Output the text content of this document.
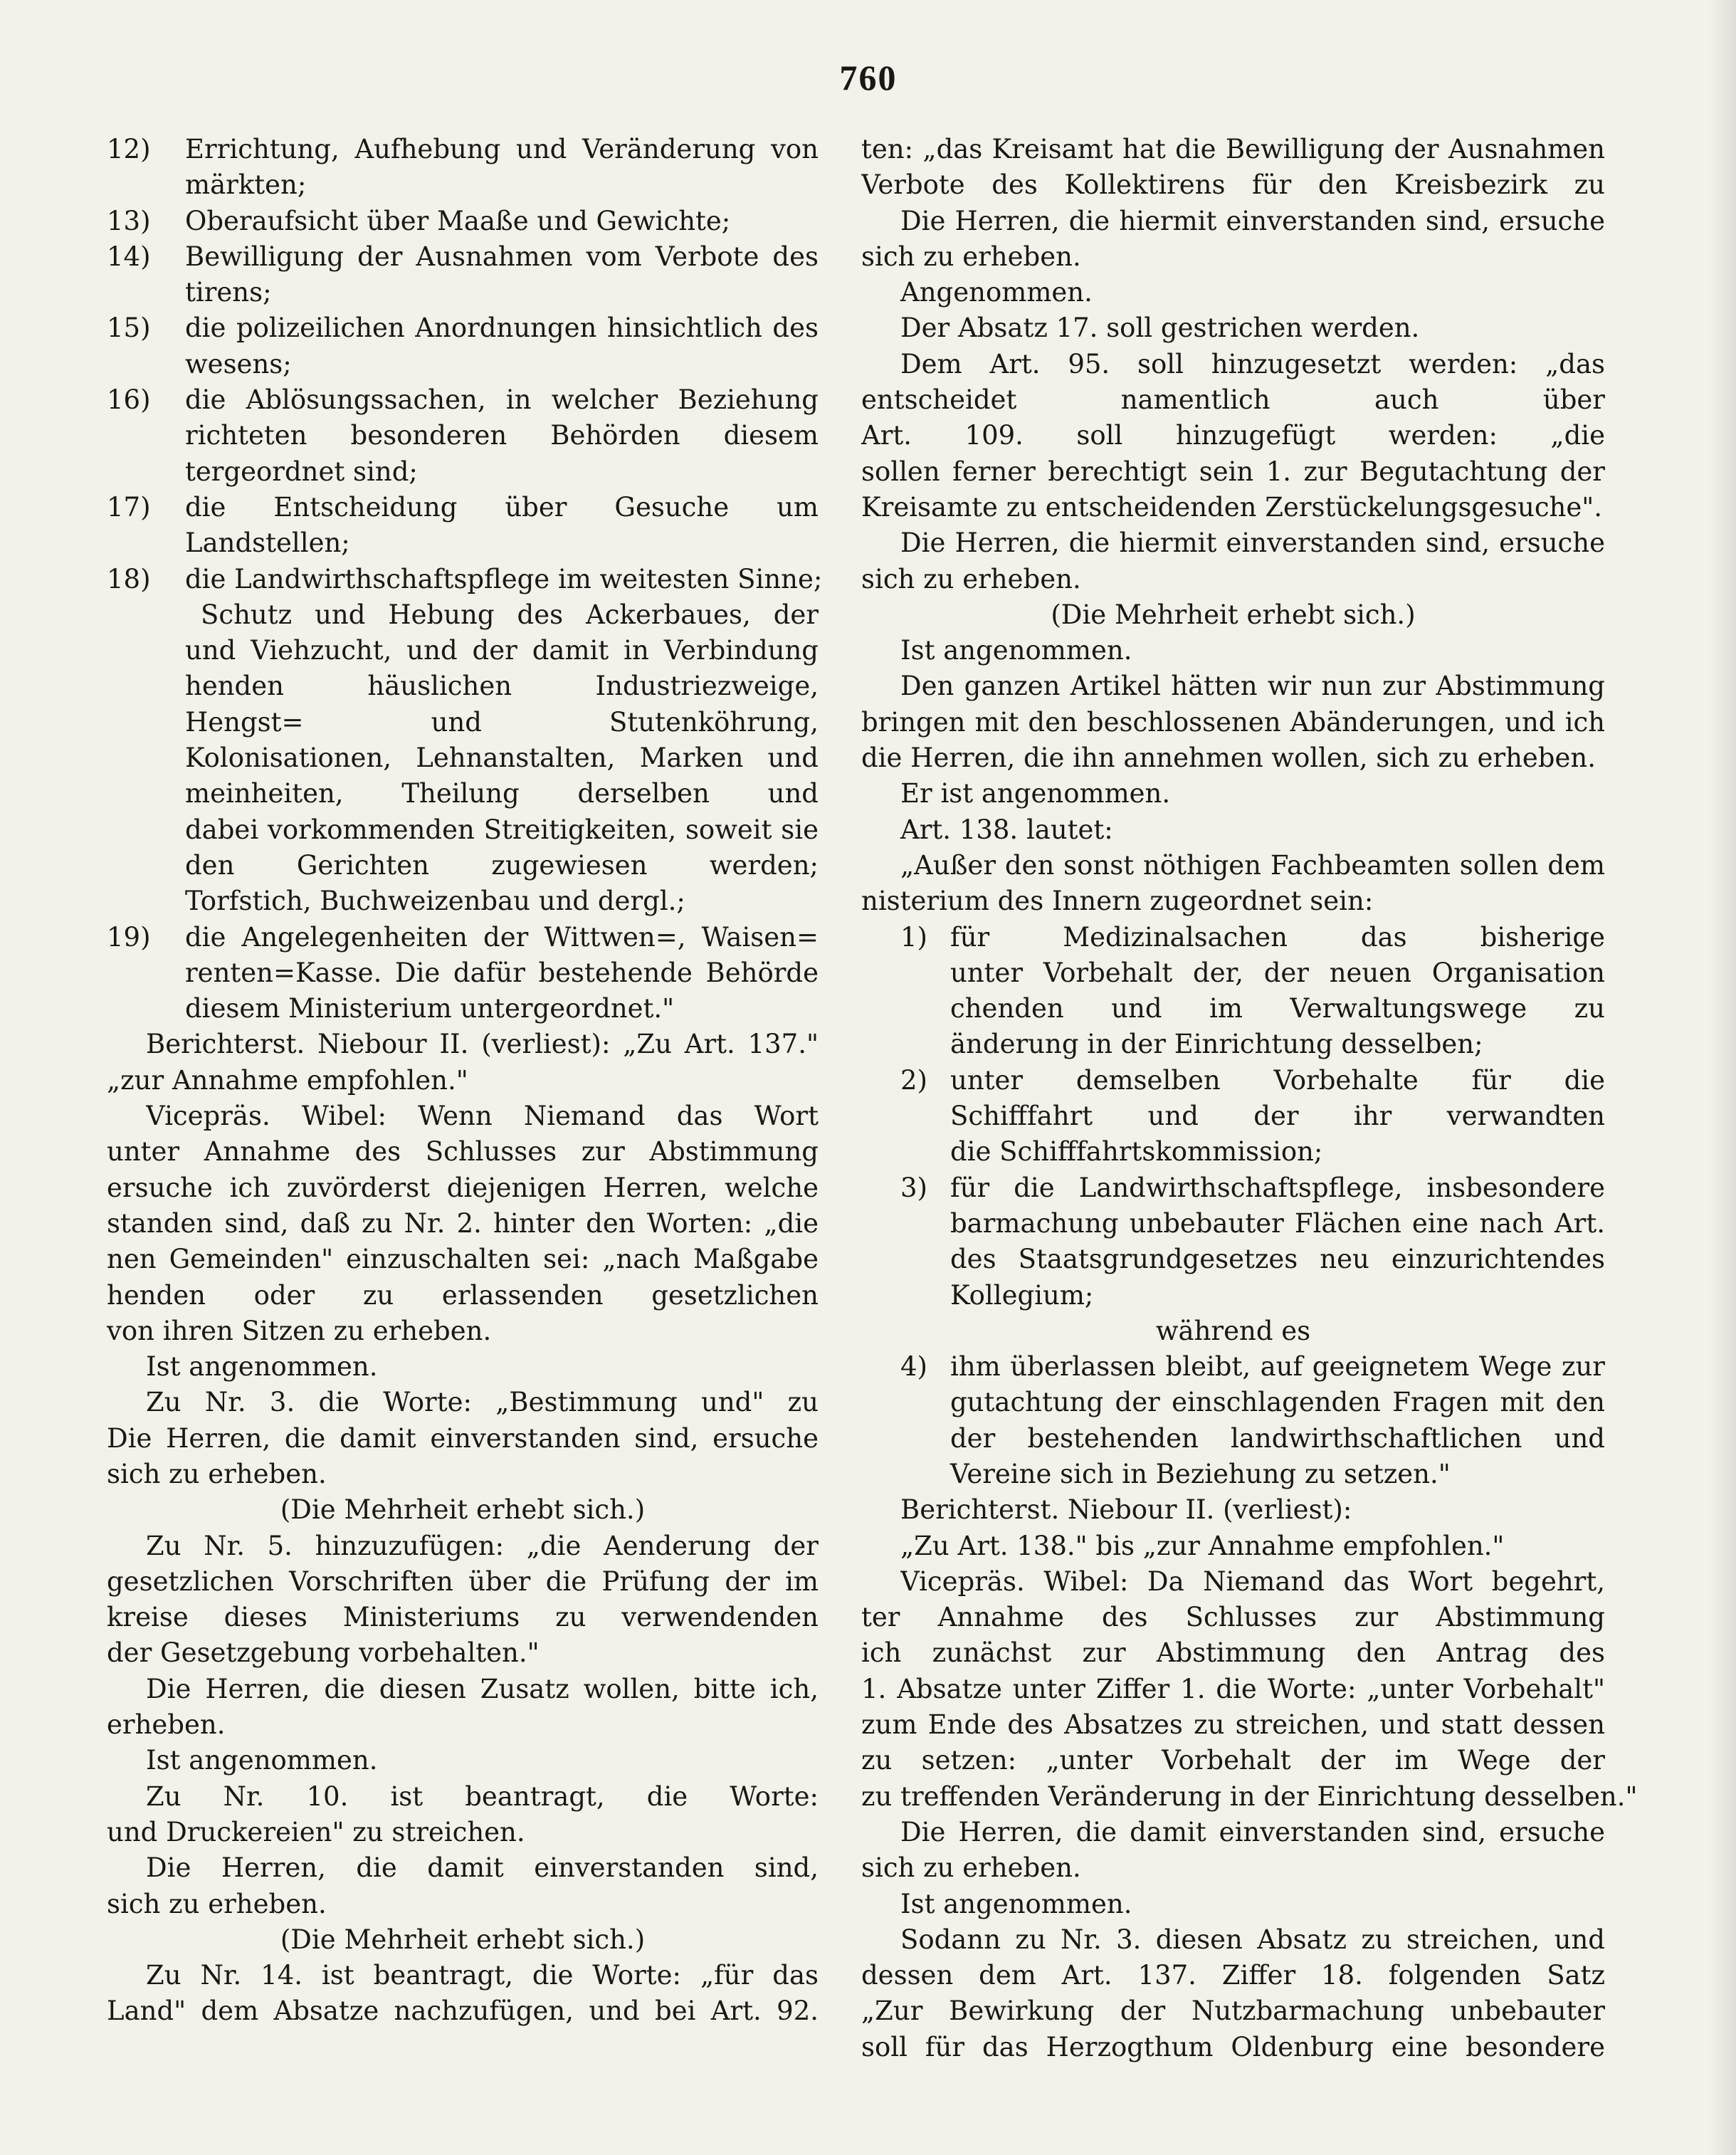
760
12) Errichtung, Aufhebung und Veränderung von
märkten;
13) Oberaufsicht über Maaße und Gewichte;
14) Bewilligung der Ausnahmen vom Verbote des
tirens;
15) die polizeilichen Anordnungen hinsichtlich des
wesens;
16) die Ablösungssachen, in welcher Beziehung
richteten besonderen Behörden diesem
tergeordnet sind;
17) die Entscheidung über Gesuche um
Landstellen;
18) die Landwirthschaftspflege im weitesten Sinne;
Schutz und Hebung des Ackerbaues, der
und Viehzucht, und der damit in Verbindung
henden häuslichen Industriezweige,
Hengst= und Stutenköhrung,
Kolonisationen, Lehnanstalten, Marken und
meinheiten, Theilung derselben und
dabei vorkommenden Streitigkeiten, soweit sie
den Gerichten zugewiesen werden;
Torfstich, Buchweizenbau und dergl.;
19) die Angelegenheiten der Wittwen=, Waisen=
renten=Kasse. Die dafür bestehende Behörde
diesem Ministerium untergeordnet."
Berichterst. Niebour II. (verliest): „Zu Art. 137."
„zur Annahme empfohlen."
Vicepräs. Wibel: Wenn Niemand das Wort
unter Annahme des Schlusses zur Abstimmung
ersuche ich zuvörderst diejenigen Herren, welche
standen sind, daß zu Nr. 2. hinter den Worten: „die
nen Gemeinden" einzuschalten sei: „nach Maßgabe
henden oder zu erlassenden gesetzlichen
von ihren Sitzen zu erheben.
Ist angenommen.
Zu Nr. 3. die Worte: „Bestimmung und" zu
Die Herren, die damit einverstanden sind, ersuche
sich zu erheben.
(Die Mehrheit erhebt sich.)
Zu Nr. 5. hinzuzufügen: „die Aenderung der
gesetzlichen Vorschriften über die Prüfung der im
kreise dieses Ministeriums zu verwendenden
der Gesetzgebung vorbehalten."
Die Herren, die diesen Zusatz wollen, bitte ich,
erheben.
Ist angenommen.
Zu Nr. 10. ist beantragt, die Worte:
und Druckereien" zu streichen.
Die Herren, die damit einverstanden sind,
sich zu erheben.
(Die Mehrheit erhebt sich.)
Zu Nr. 14. ist beantragt, die Worte: „für das
Land" dem Absatze nachzufügen, und bei Art. 92.
ten: „das Kreisamt hat die Bewilligung der Ausnahmen
Verbote des Kollektirens für den Kreisbezirk zu
Die Herren, die hiermit einverstanden sind, ersuche
sich zu erheben.
Angenommen.
Der Absatz 17. soll gestrichen werden.
Dem Art. 95. soll hinzugesetzt werden: „das
entscheidet namentlich auch über
Art. 109. soll hinzugefügt werden: „die
sollen ferner berechtigt sein 1. zur Begutachtung der
Kreisamte zu entscheidenden Zerstückelungsgesuche".
Die Herren, die hiermit einverstanden sind, ersuche
sich zu erheben.
(Die Mehrheit erhebt sich.)
Ist angenommen.
Den ganzen Artikel hätten wir nun zur Abstimmung
bringen mit den beschlossenen Abänderungen, und ich
die Herren, die ihn annehmen wollen, sich zu erheben.
Er ist angenommen.
Art. 138. lautet:
„Außer den sonst nöthigen Fachbeamten sollen dem
nisterium des Innern zugeordnet sein:
1) für Medizinalsachen das bisherige
unter Vorbehalt der, der neuen Organisation
chenden und im Verwaltungswege zu
änderung in der Einrichtung desselben;
2) unter demselben Vorbehalte für die
Schifffahrt und der ihr verwandten
die Schifffahrtskommission;
3) für die Landwirthschaftspflege, insbesondere
barmachung unbebauter Flächen eine nach Art.
des Staatsgrundgesetzes neu einzurichtendes
Kollegium;
während es
4) ihm überlassen bleibt, auf geeignetem Wege zur
gutachtung der einschlagenden Fragen mit den
der bestehenden landwirthschaftlichen und
Vereine sich in Beziehung zu setzen."
Berichterst. Niebour II. (verliest):
„Zu Art. 138." bis „zur Annahme empfohlen."
Vicepräs. Wibel: Da Niemand das Wort begehrt,
ter Annahme des Schlusses zur Abstimmung
ich zunächst zur Abstimmung den Antrag des
1. Absatze unter Ziffer 1. die Worte: „unter Vorbehalt"
zum Ende des Absatzes zu streichen, und statt dessen
zu setzen: „unter Vorbehalt der im Wege der
zu treffenden Veränderung in der Einrichtung desselben."
Die Herren, die damit einverstanden sind, ersuche
sich zu erheben.
Ist angenommen.
Sodann zu Nr. 3. diesen Absatz zu streichen, und
dessen dem Art. 137. Ziffer 18. folgenden Satz
„Zur Bewirkung der Nutzbarmachung unbebauter
soll für das Herzogthum Oldenburg eine besondere
